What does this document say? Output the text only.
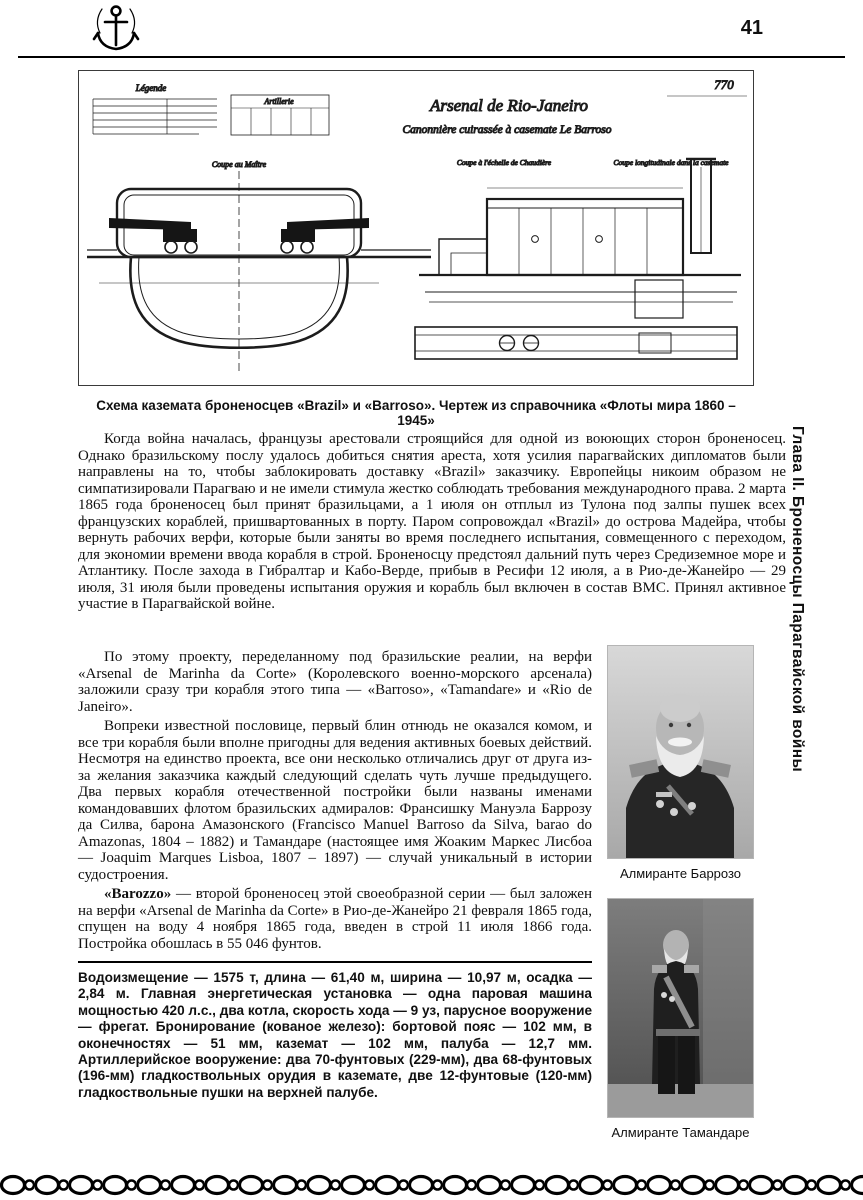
41
Légende
Artillerie	Arsenal de Rio-Janeiro
Canonnière cuirassée à casemate Le Barroso
770
Coupe au Maître	Coupe à l'échelle de Chaudière	Coupe longitudinale dans la casemate
Схема каземата броненосцев «Brazil» и «Barroso». Чертеж из справочника «Флоты мира 1860 – 1945»

Когда война началась, французы арестовали строящийся для одной из воюющих сторон броненосец. Однако бразильскому послу удалось добиться снятия ареста, хотя усилия парагвайских дипломатов были направлены на то, чтобы заблокировать доставку «Brazil» заказчику. Европейцы никоим образом не симпатизировали Парагваю и не имели стимула жестко соблюдать требования международного права. 2 марта 1865 года броненосец был принят бразильцами, а 1 июля он отплыл из Тулона под залпы пушек всех французских кораблей, пришвартованных в порту. Паром сопровождал «Brazil» до острова Мадейра, чтобы вернуть рабочих верфи, которые были заняты во время последнего испытания, совмещенного с переходом, для экономии времени ввода корабля в строй. Броненосцу предстоял дальний путь через Средиземное море и Атлантику. После захода в Гибралтар и Кабо-Верде, прибыв в Ресифи 12 июля, а в Рио-де-Жанейро — 29 июля, 31 июля были проведены испытания оружия и корабль был включен в состав ВМС. Принял активное участие в Парагвайской войне.

По этому проекту, переделанному под бразильские реалии, на верфи «Arsenal de Marinha da Corte» (Королевского военно-морского арсенала) заложили сразу три корабля этого типа — «Barroso», «Tamandare» и «Rio de Janeiro».

Вопреки известной пословице, первый блин отнюдь не оказался комом, и все три корабля были вполне пригодны для ведения активных боевых действий. Несмотря на единство проекта, все они несколько отличались друг от друга из-за желания заказчика каждый следующий сделать чуть лучше предыдущего. Два первых корабля отечественной постройки были названы именами командовавших флотом бразильских адмиралов: Франсишку Мануэла Баррозу да Силва, барона Амазонского (Francisco Manuel Barroso da Silva, barao do Amazonas, 1804 – 1882) и Тамандаре (настоящее имя Жоаким Маркес Лисбоа — Joaquim Marques Lisboa, 1807 – 1897) — случай уникальный в истории судостроения.

«Barozzo» — второй броненосец этой своеобразной серии — был заложен на верфи «Arsenal de Marinha da Corte» в Рио-де-Жанейро 21 февраля 1865 года, спущен на воду 4 ноября 1865 года, введен в строй 11 июля 1866 года. Постройка обошлась в 55 046 фунтов.

Водоизмещение — 1575 т, длина — 61,40 м, ширина — 10,97 м, осадка — 2,84 м. Главная энергетическая установка — одна паровая машина мощностью 420 л.с., два котла, скорость хода — 9 уз, парусное вооружение — фрегат. Бронирование (кованое железо): бортовой пояс — 102 мм, в оконечностях — 51 мм, каземат — 102 мм, палуба — 12,7 мм. Артиллерийское вооружение: два 70-фунтовых (229-мм), два 68-фунтовых (196-мм) гладкоствольных орудия в каземате, две 12-фунтовые (120-мм) гладкоствольные пушки на верхней палубе.
Алмиранте Баррозо
Алмиранте Тамандаре
Глава II. Броненосцы Парагвайской войны
